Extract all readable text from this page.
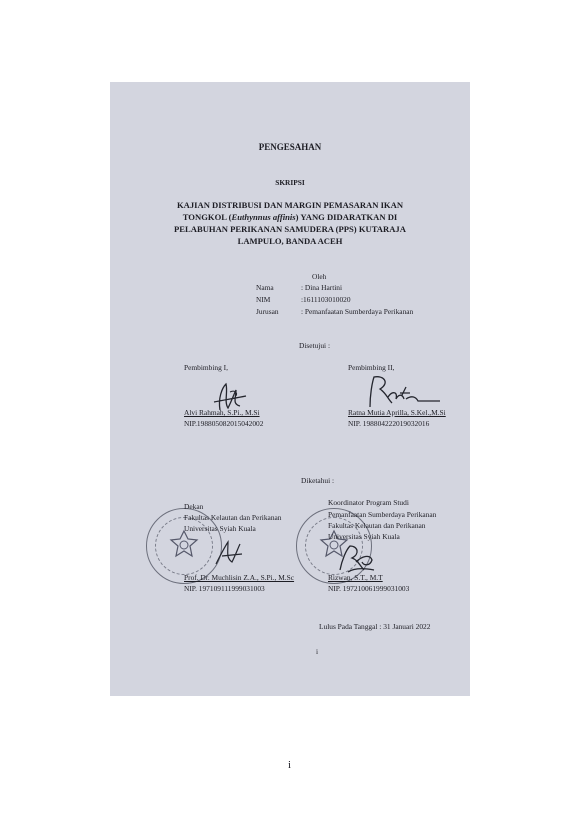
PENGESAHAN
SKRIPSI
KAJIAN DISTRIBUSI DAN MARGIN PEMASARAN IKAN
TONGKOL (Euthynnus affinis) YANG DIDARATKAN DI
PELABUHAN PERIKANAN SAMUDERA (PPS) KUTARAJA
LAMPULO, BANDA ACEH
Oleh
Nama	: Dina Hartini
NIM	:1611103010020
Jurusan	: Pemanfaatan Sumberdaya Perikanan
Disetujui :
Pembimbing I,	Pembimbing II,
Alvi Rahmah, S.Pi., M.Si
NIP.198805082015042002
Ratna Mutia Aprilla, S.Kel.,M.Si
NIP. 198804222019032016
Diketahui :
Dekan
Fakultas Kelautan dan Perikanan
Universitas Syiah Kuala
Koordinator Program Studi
Pemanfaatan Sumberdaya Perikanan
Fakultas Kelautan dan Perikanan
Universitas Syiah Kuala
Prof. Dr. Muchlisin Z.A., S.Pi., M.Sc
NIP. 197109111999031003
Rizwan, S.T., M.T
NIP. 197210061999031003
Lulus Pada Tanggal : 31 Januari 2022
i
i
